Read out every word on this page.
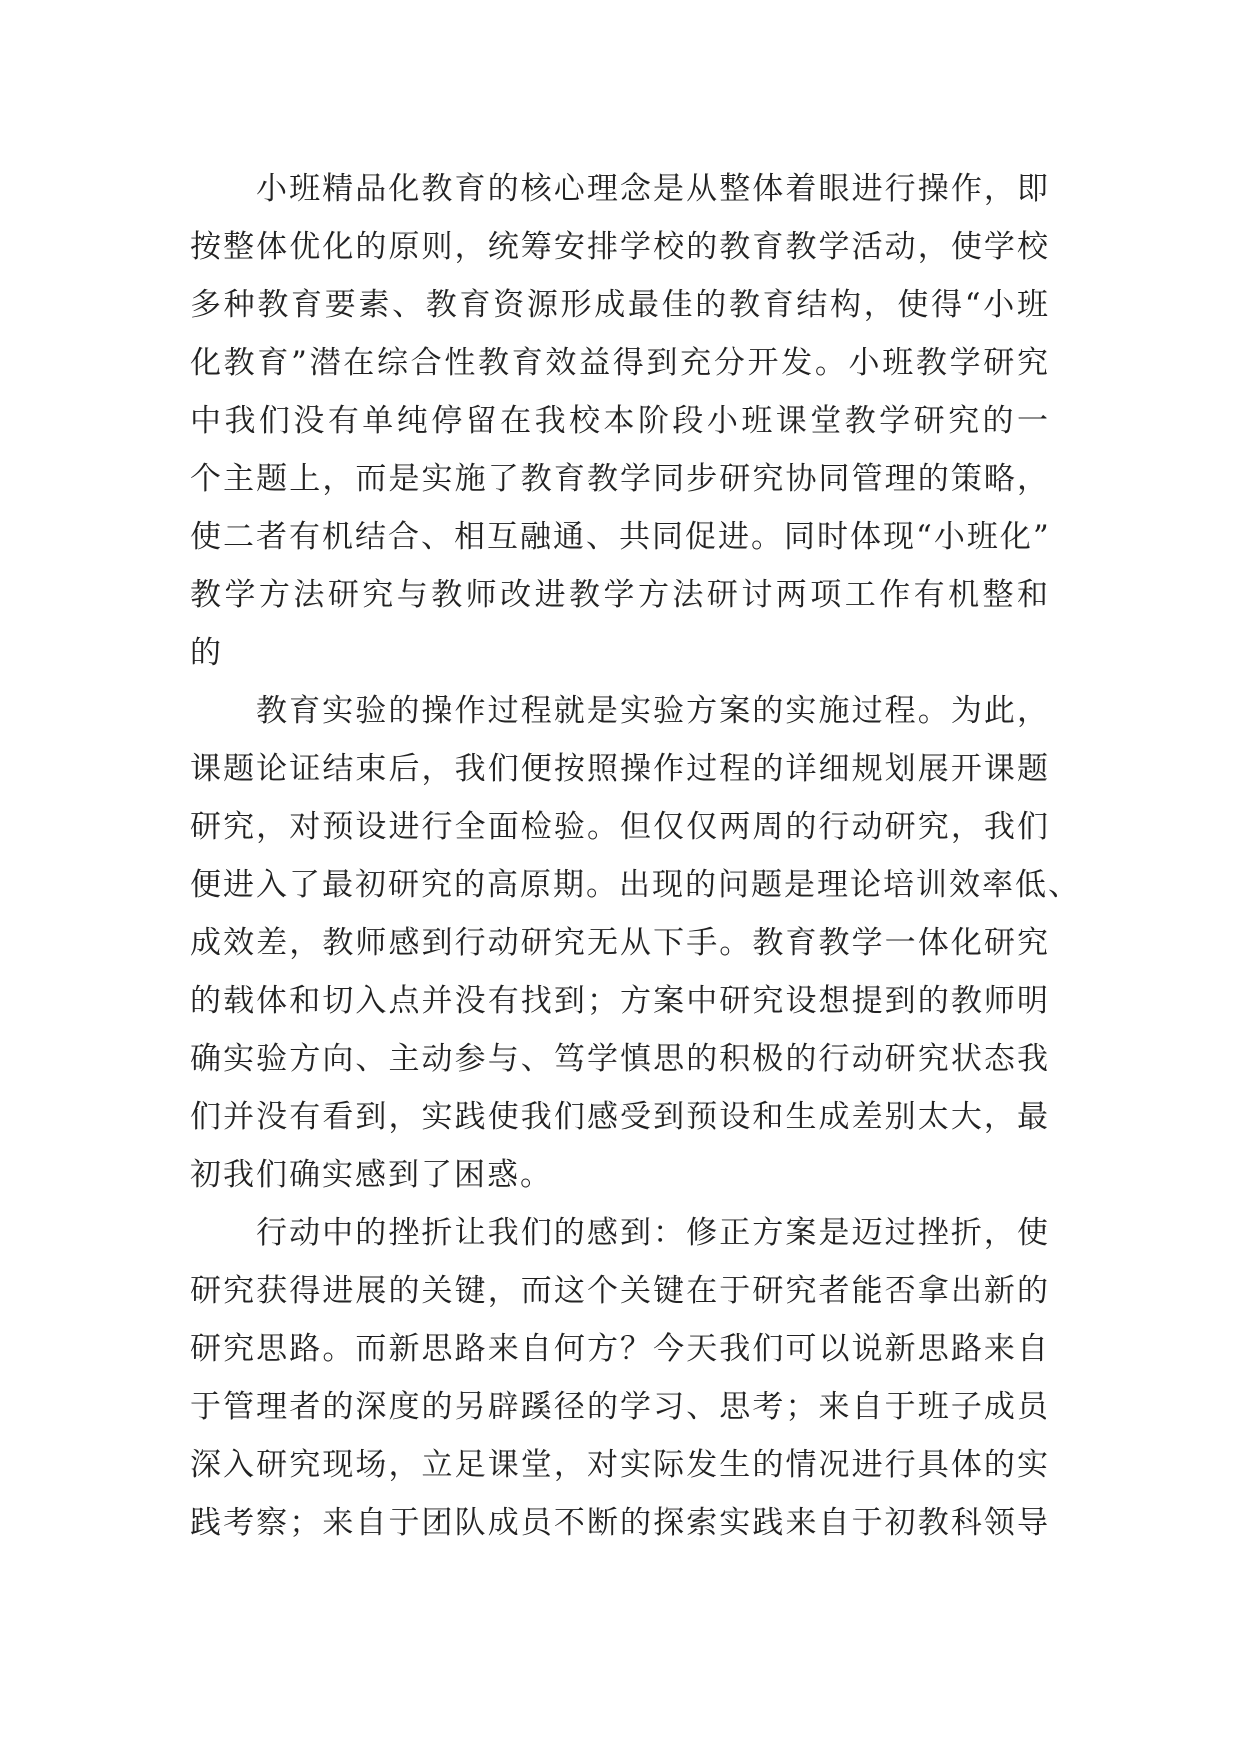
小班精品化教育的核心理念是从整体着眼进行操作，即
按整体优化的原则，统筹安排学校的教育教学活动，使学校
多种教育要素、教育资源形成最佳的教育结构，使得“小班
化教育”潜在综合性教育效益得到充分开发。小班教学研究
中我们没有单纯停留在我校本阶段小班课堂教学研究的一
个主题上，而是实施了教育教学同步研究协同管理的策略，
使二者有机结合、相互融通、共同促进。同时体现“小班化”
教学方法研究与教师改进教学方法研讨两项工作有机整和
的
教育实验的操作过程就是实验方案的实施过程。为此，
课题论证结束后，我们便按照操作过程的详细规划展开课题
研究，对预设进行全面检验。但仅仅两周的行动研究，我们
便进入了最初研究的高原期。出现的问题是理论培训效率低、
成效差，教师感到行动研究无从下手。教育教学一体化研究
的载体和切入点并没有找到；方案中研究设想提到的教师明
确实验方向、主动参与、笃学慎思的积极的行动研究状态我
们并没有看到，实践使我们感受到预设和生成差别太大，最
初我们确实感到了困惑。
行动中的挫折让我们的感到：修正方案是迈过挫折，使
研究获得进展的关键，而这个关键在于研究者能否拿出新的
研究思路。而新思路来自何方？今天我们可以说新思路来自
于管理者的深度的另辟蹊径的学习、思考；来自于班子成员
深入研究现场，立足课堂，对实际发生的情况进行具体的实
践考察；来自于团队成员不断的探索实践来自于初教科领导
